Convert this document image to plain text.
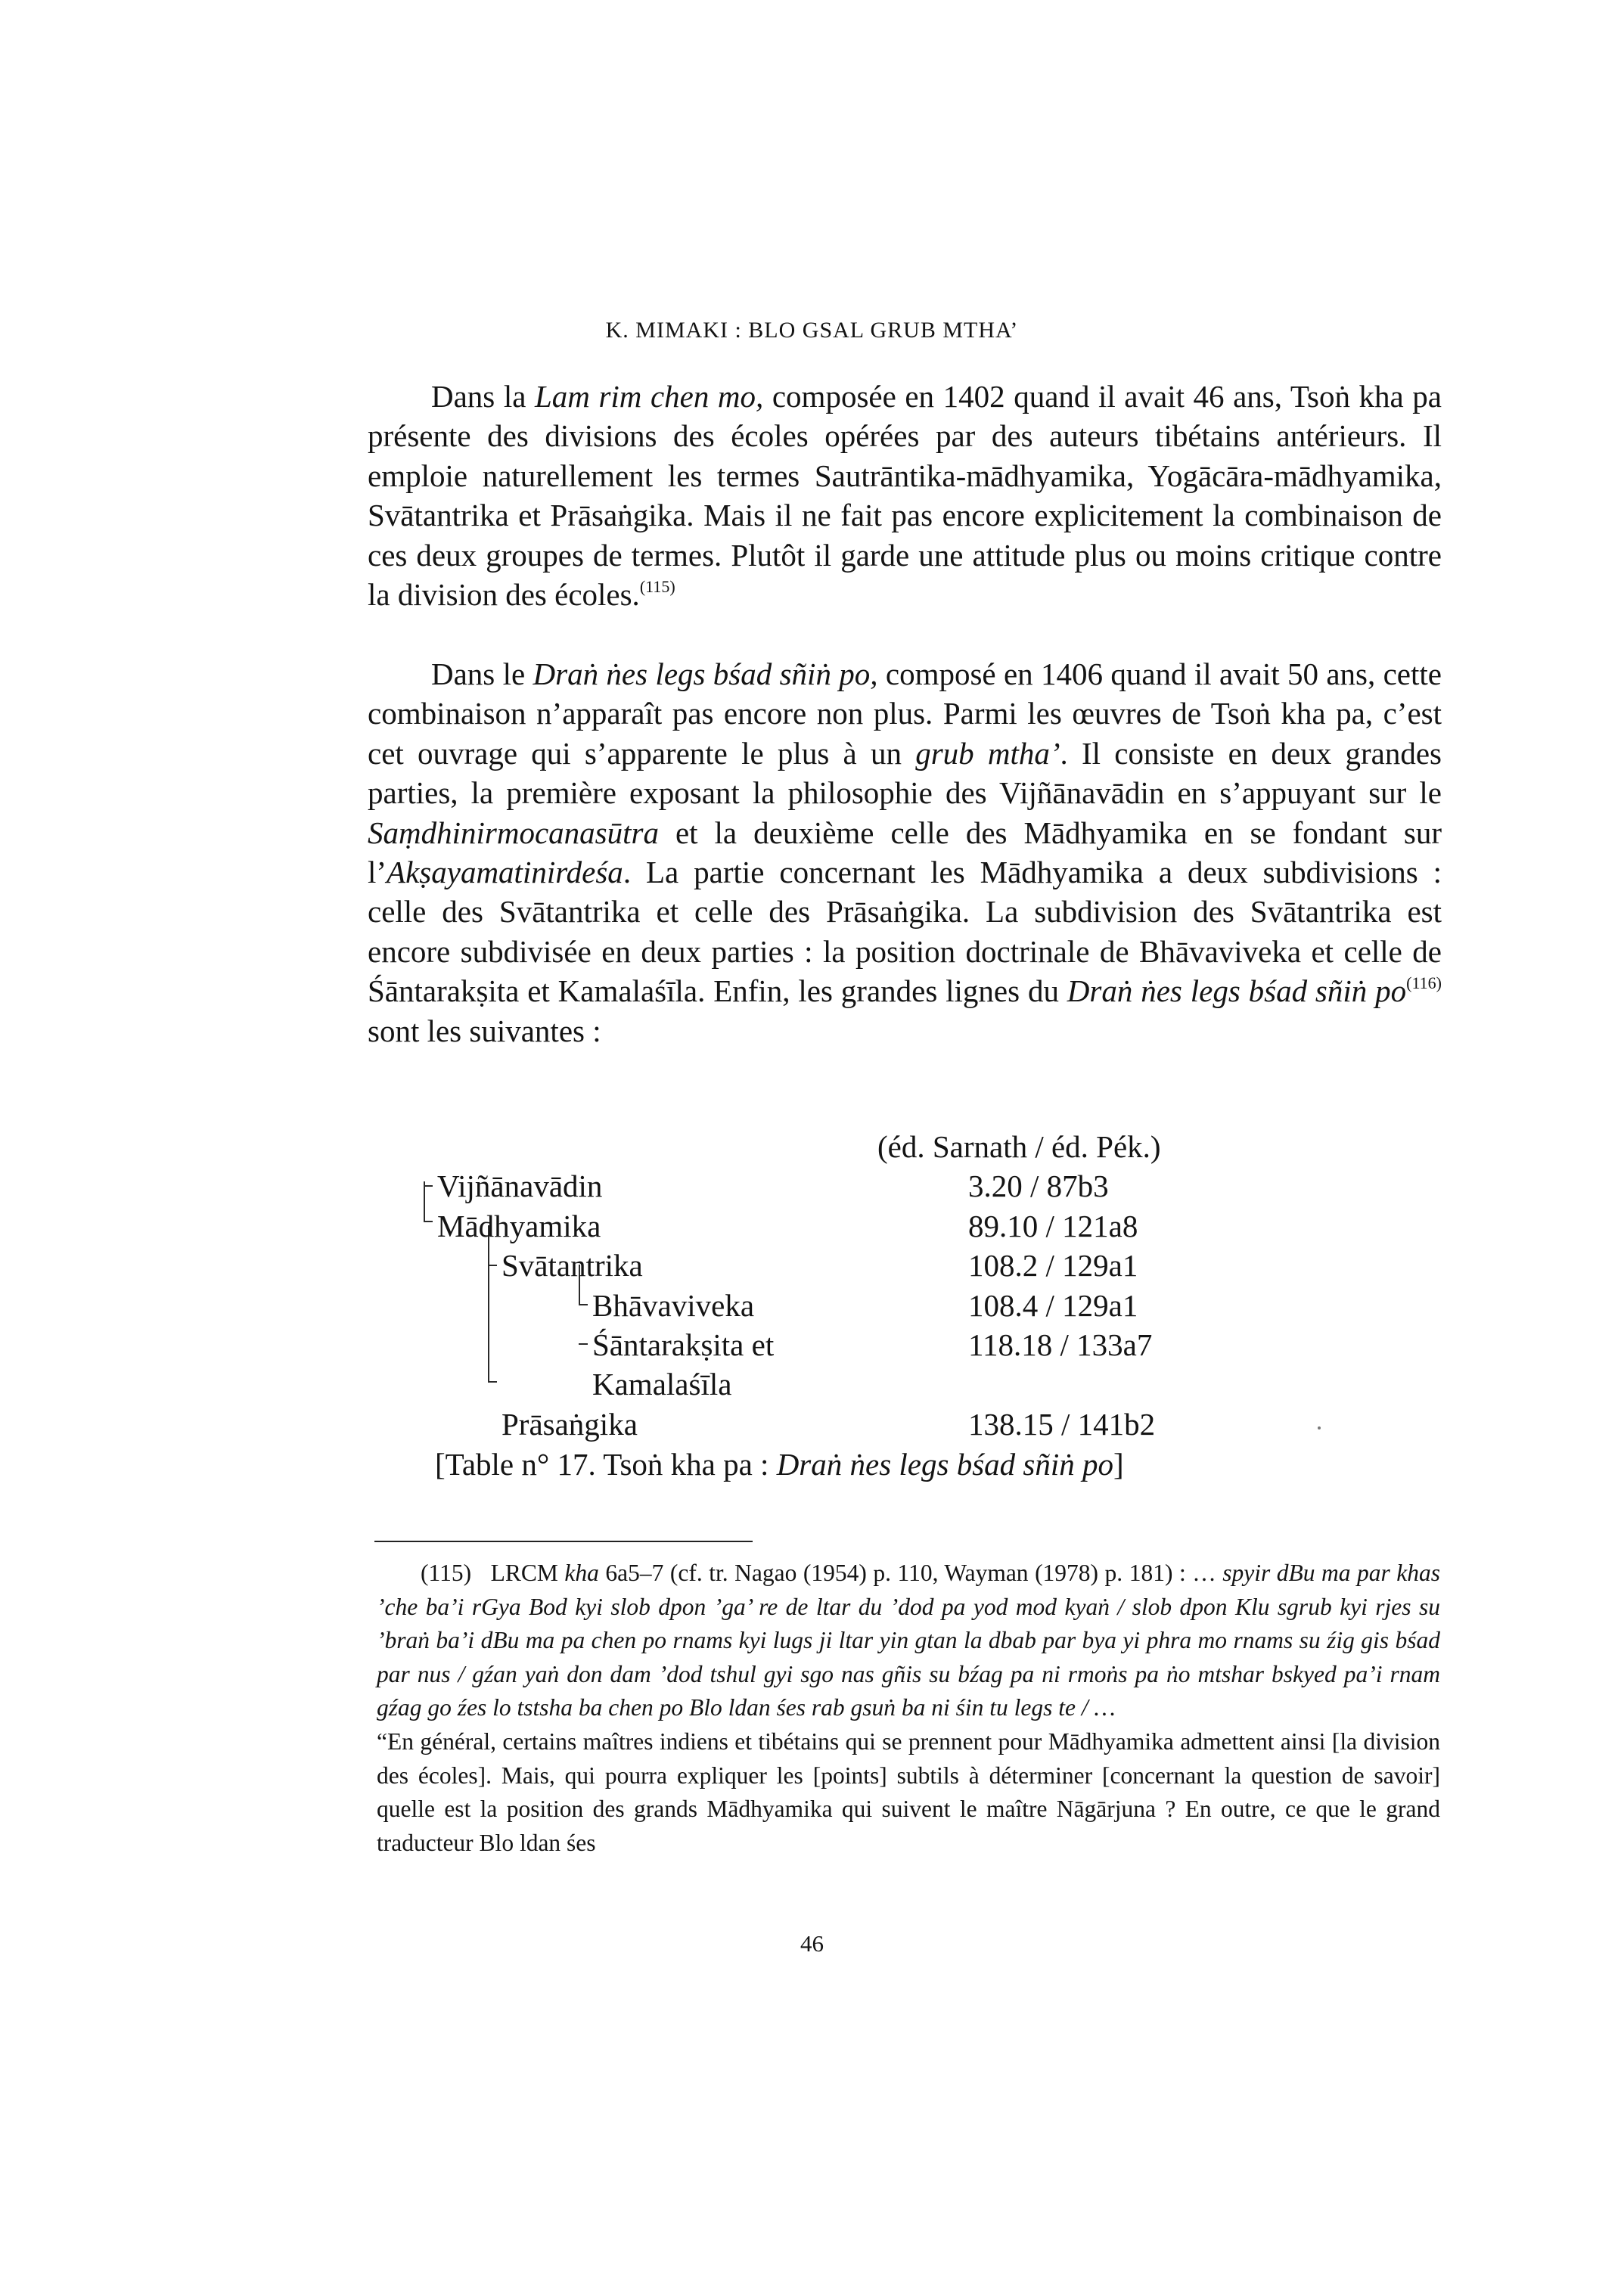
K. MIMAKI : BLO GSAL GRUB MTHA’

Dans la Lam rim chen mo, composée en 1402 quand il avait 46 ans, Tsoṅ kha pa présente des divisions des écoles opérées par des auteurs tibétains antérieurs. Il emploie naturellement les termes Sautrāntika-mādhyamika, Yogācāra-mādhyamika, Svātantrika et Prāsaṅgika. Mais il ne fait pas encore explicitement la combinaison de ces deux groupes de termes. Plutôt il garde une attitude plus ou moins critique contre la division des écoles.$^{(115)}$

Dans le Draṅ ṅes legs bśad sñiṅ po, composé en 1406 quand il avait 50 ans, cette combinaison n’apparaît pas encore non plus. Parmi les œuvres de Tsoṅ kha pa, c’est cet ouvrage qui s’apparente le plus à un grub mtha’. Il consiste en deux grandes parties, la première exposant la philosophie des Vijñānavādin en s’appuyant sur le Saṃdhinirmocanasūtra et la deuxième celle des Mādhyamika en se fondant sur l’Akṣayamatinirdeśa. La partie concernant les Mādhyamika a deux subdivisions : celle des Svātantrika et celle des Prāsaṅgika. La subdivision des Svātantrika est encore subdivisée en deux parties : la position doctrinale de Bhāvaviveka et celle de Śāntarakṣita et Kamalaśīla. Enfin, les grandes lignes du Draṅ ṅes legs bśad sñiṅ $po^{(116)}$ sont les suivantes :

(éd. Sarnath / éd. Pék.)
Vijñānavādin	3.20 / 87b3
Mādhyamika	89.10 / 121a8
Svātantrika	108.2 / 129a1
Bhāvaviveka	108.4 / 129a1
Śāntarakṣita et	118.18 / 133a7
Kamalaśīla
Prāsaṅgika	138.15 / 141b2
[Table n° 17. Tsoṅ kha pa : Draṅ ṅes legs bśad sñiṅ po]
(115) LRCM kha 6a5–7 (cf. tr. Nagao (1954) p. 110, Wayman (1978) p. 181) : … spyir dBu ma par khas ’che ba’i rGya Bod kyi slob dpon ’ga’ re de ltar du ’dod pa yod mod kyaṅ / slob dpon Klu sgrub kyi rjes su ’braṅ ba’i dBu ma pa chen po rnams kyi lugs ji ltar yin gtan la dbab par bya yi phra mo rnams su źig gis bśad par nus / gźan yaṅ don dam ’dod tshul gyi sgo nas gñis su bźag pa ni rmoṅs pa ṅo mtshar bskyed pa’i rnam gźag go źes lo tstsha ba chen po Blo ldan śes rab gsuṅ ba ni śin tu legs te / …
“En général, certains maîtres indiens et tibétains qui se prennent pour Mādhyamika admettent ainsi [la division des écoles]. Mais, qui pourra expliquer les [points] subtils à déterminer [concernant la question de savoir] quelle est la position des grands Mādhyamika qui suivent le maître Nāgārjuna ? En outre, ce que le grand traducteur Blo ldan śes
46
